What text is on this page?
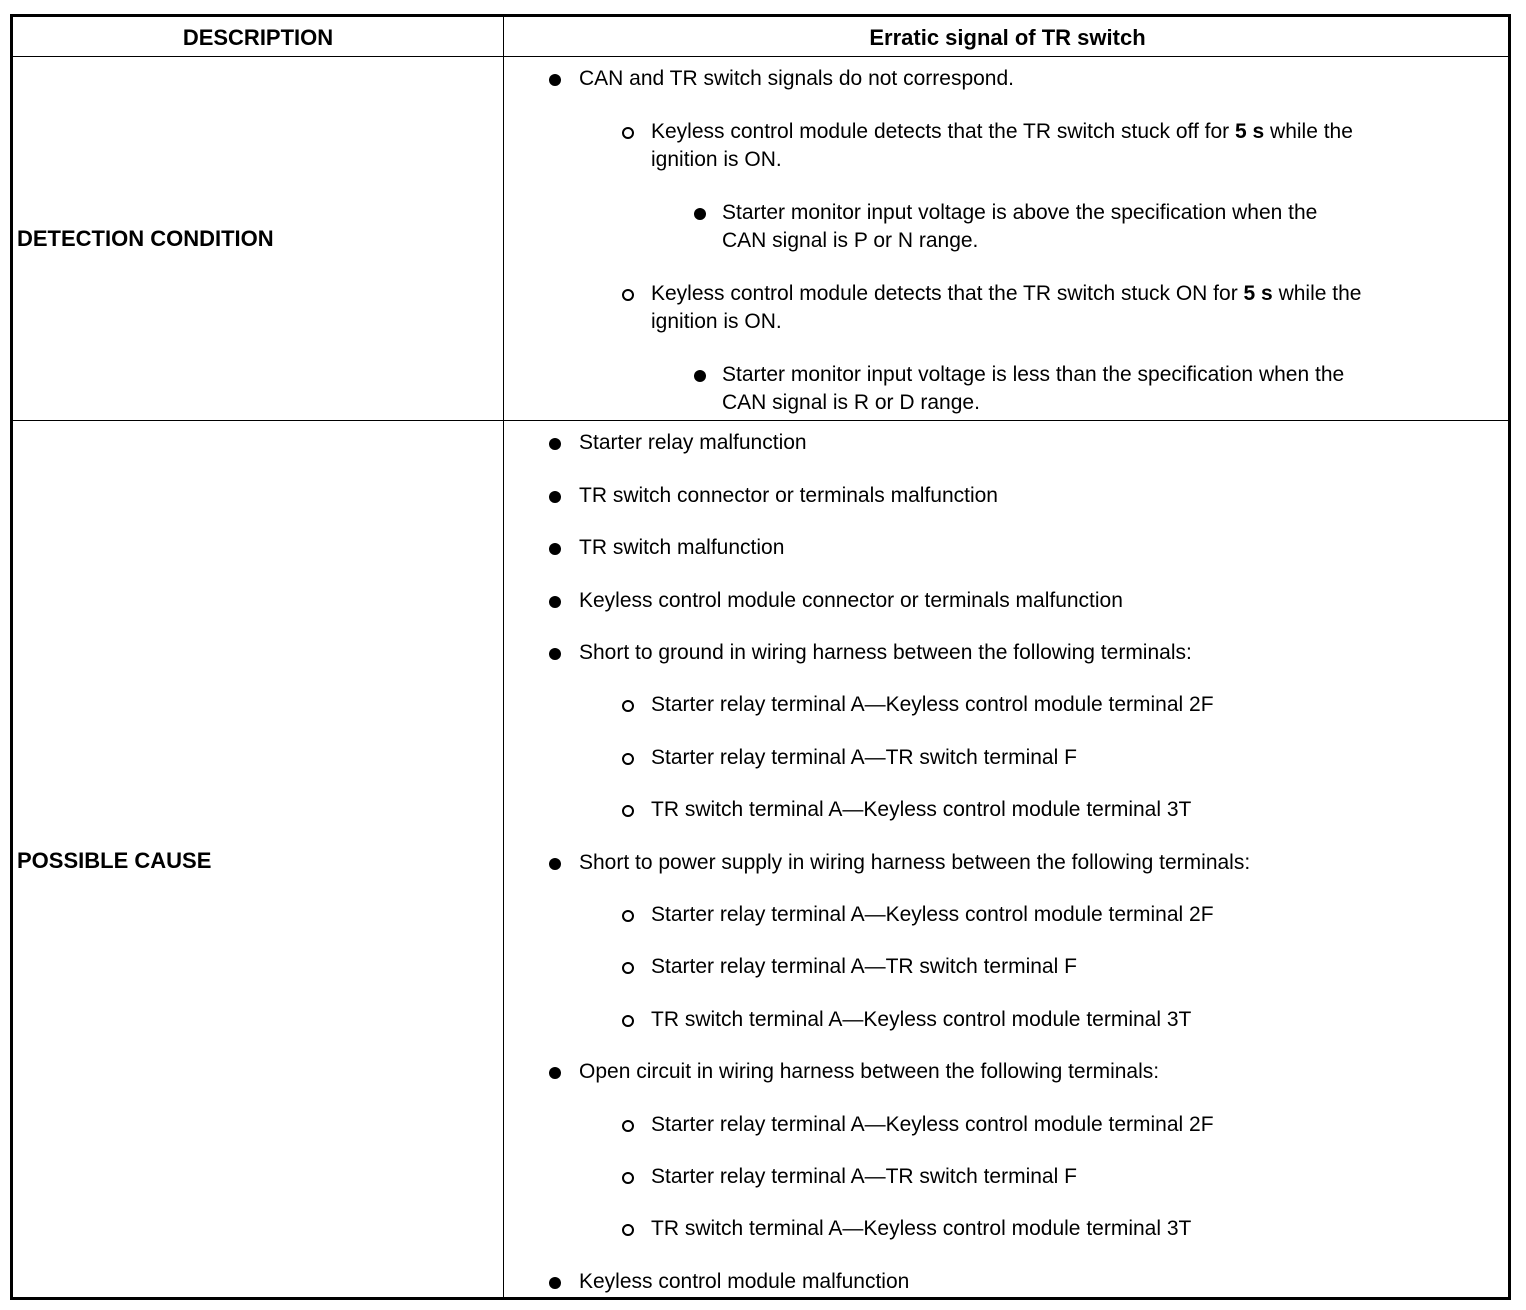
DESCRIPTION	Erratic signal of TR switch
DETECTION CONDITION
CAN and TR switch signals do not correspond.
Keyless control module detects that the TR switch stuck off for 5 s while the
ignition is ON.
Starter monitor input voltage is above the specification when the
CAN signal is P or N range.
Keyless control module detects that the TR switch stuck ON for 5 s while the
ignition is ON.
Starter monitor input voltage is less than the specification when the
CAN signal is R or D range.
POSSIBLE CAUSE
Starter relay malfunction
TR switch connector or terminals malfunction
TR switch malfunction
Keyless control module connector or terminals malfunction
Short to ground in wiring harness between the following terminals:
Starter relay terminal A—Keyless control module terminal 2F
Starter relay terminal A—TR switch terminal F
TR switch terminal A—Keyless control module terminal 3T
Short to power supply in wiring harness between the following terminals:
Starter relay terminal A—Keyless control module terminal 2F
Starter relay terminal A—TR switch terminal F
TR switch terminal A—Keyless control module terminal 3T
Open circuit in wiring harness between the following terminals:
Starter relay terminal A—Keyless control module terminal 2F
Starter relay terminal A—TR switch terminal F
TR switch terminal A—Keyless control module terminal 3T
Keyless control module malfunction
